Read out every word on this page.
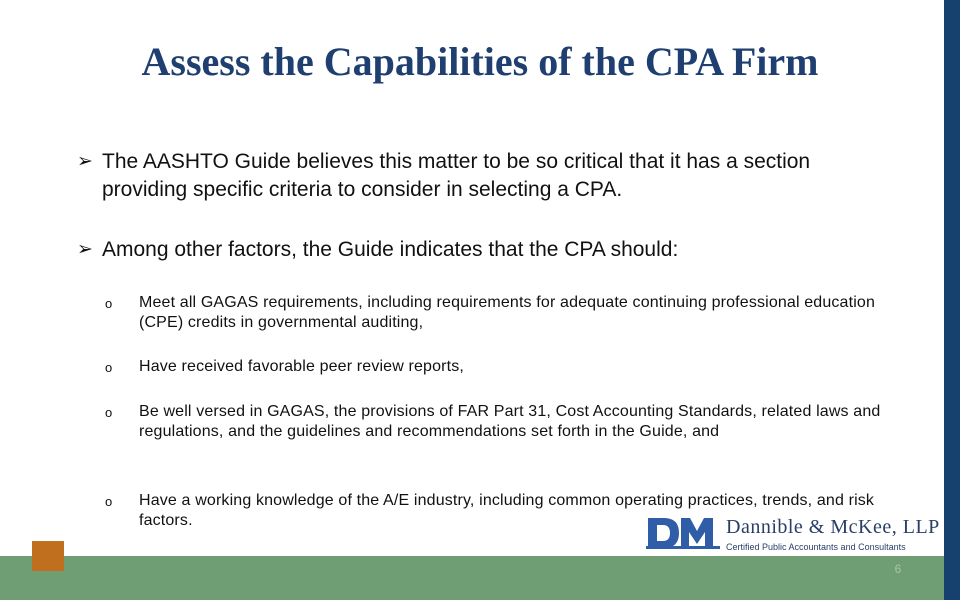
6
Assess the Capabilities of the CPA Firm
➢ The AASHTO Guide believes this matter to be so critical that it has a section providing specific criteria to consider in selecting a CPA.
➢ Among other factors, the Guide indicates that the CPA should:
o	Meet all GAGAS requirements, including requirements for adequate continuing professional education (CPE) credits in governmental auditing,
o	Have received favorable peer review reports,
o	Be well versed in GAGAS, the provisions of FAR Part 31, Cost Accounting Standards, related laws and regulations, and the guidelines and recommendations set forth in the Guide, and
o	Have a working knowledge of the A/E industry, including common operating practices, trends, and risk factors.	Dannible & McKee, LLP
Certified Public Accountants and Consultants
